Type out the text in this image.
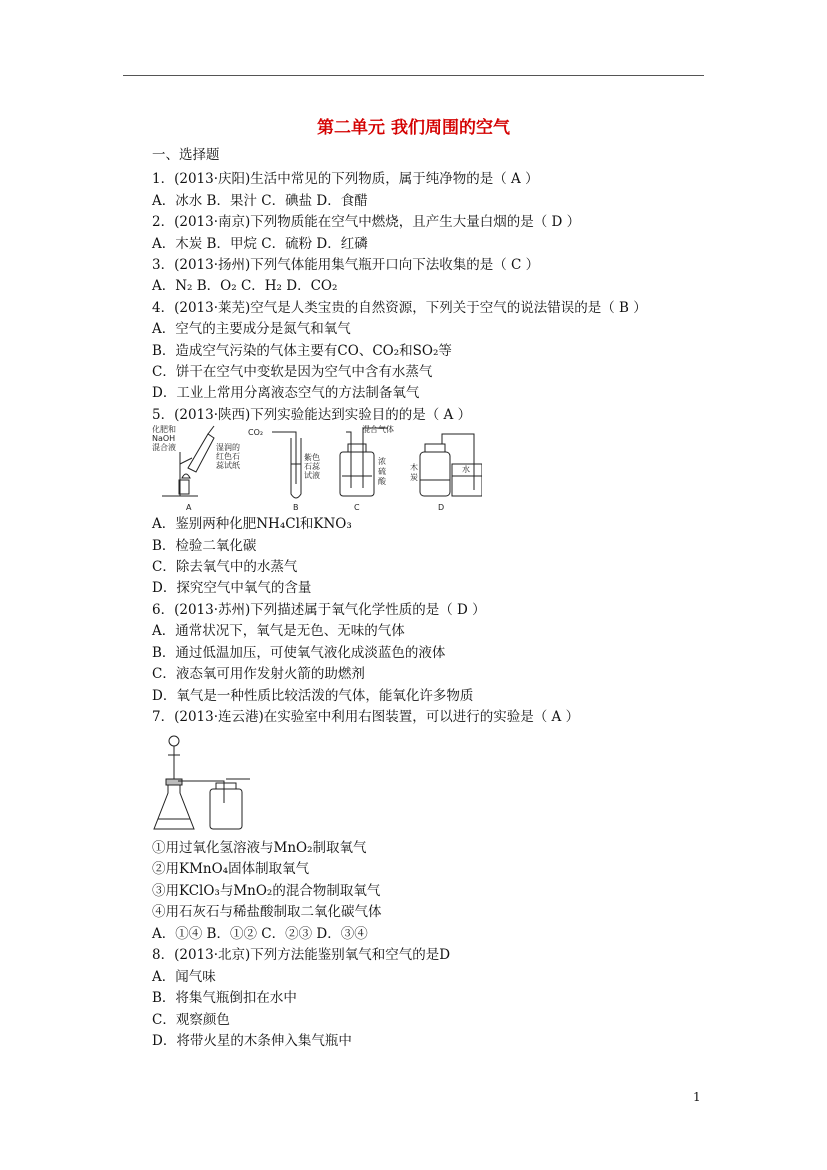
第二单元 我们周围的空气
一、选择题
1．(2013·庆阳)生活中常见的下列物质，属于纯净物的是（ A ）
A．冰水 B．果汁 C．碘盐 D．食醋
2．(2013·南京)下列物质能在空气中燃烧，且产生大量白烟的是（ D ）
A．木炭 B．甲烷 C．硫粉 D．红磷
3．(2013·扬州)下列气体能用集气瓶开口向下法收集的是（ C ）
A．N₂ B．O₂ C．H₂ D．CO₂
4．(2013·莱芜)空气是人类宝贵的自然资源，下列关于空气的说法错误的是（ B ）
A．空气的主要成分是氮气和氧气
B．造成空气污染的气体主要有CO、CO₂和SO₂等
C．饼干在空气中变软是因为空气中含有水蒸气
D．工业上常用分离液态空气的方法制备氧气
5．(2013·陕西)下列实验能达到实验目的的是（ A ）
A．鉴别两种化肥NH₄Cl和KNO₃
B．检验二氧化碳
C．除去氧气中的水蒸气
D．探究空气中氧气的含量
6．(2013·苏州)下列描述属于氧气化学性质的是（ D ）
A．通常状况下，氧气是无色、无味的气体
B．通过低温加压，可使氧气液化成淡蓝色的液体
C．液态氧可用作发射火箭的助燃剂
D．氧气是一种性质比较活泼的气体，能氧化许多物质
7．(2013·连云港)在实验室中利用右图装置，可以进行的实验是（ A ）
①用过氧化氢溶液与MnO₂制取氧气
②用KMnO₄固体制取氧气
③用KClO₃与MnO₂的混合物制取氧气
④用石灰石与稀盐酸制取二氧化碳气体
A．①④ B．①② C．②③ D．③④
8．(2013·北京)下列方法能鉴别氧气和空气的是D
A．闻气味
B．将集气瓶倒扣在水中
C．观察颜色
D．将带火星的木条伸入集气瓶中
化肥和
NaOH
混合液	湿润的
红色石
蕊试纸
CO₂
紫色
石蕊
试液
混合气体
浓
硫
酸
木
炭
水
A	B	C	D
1
